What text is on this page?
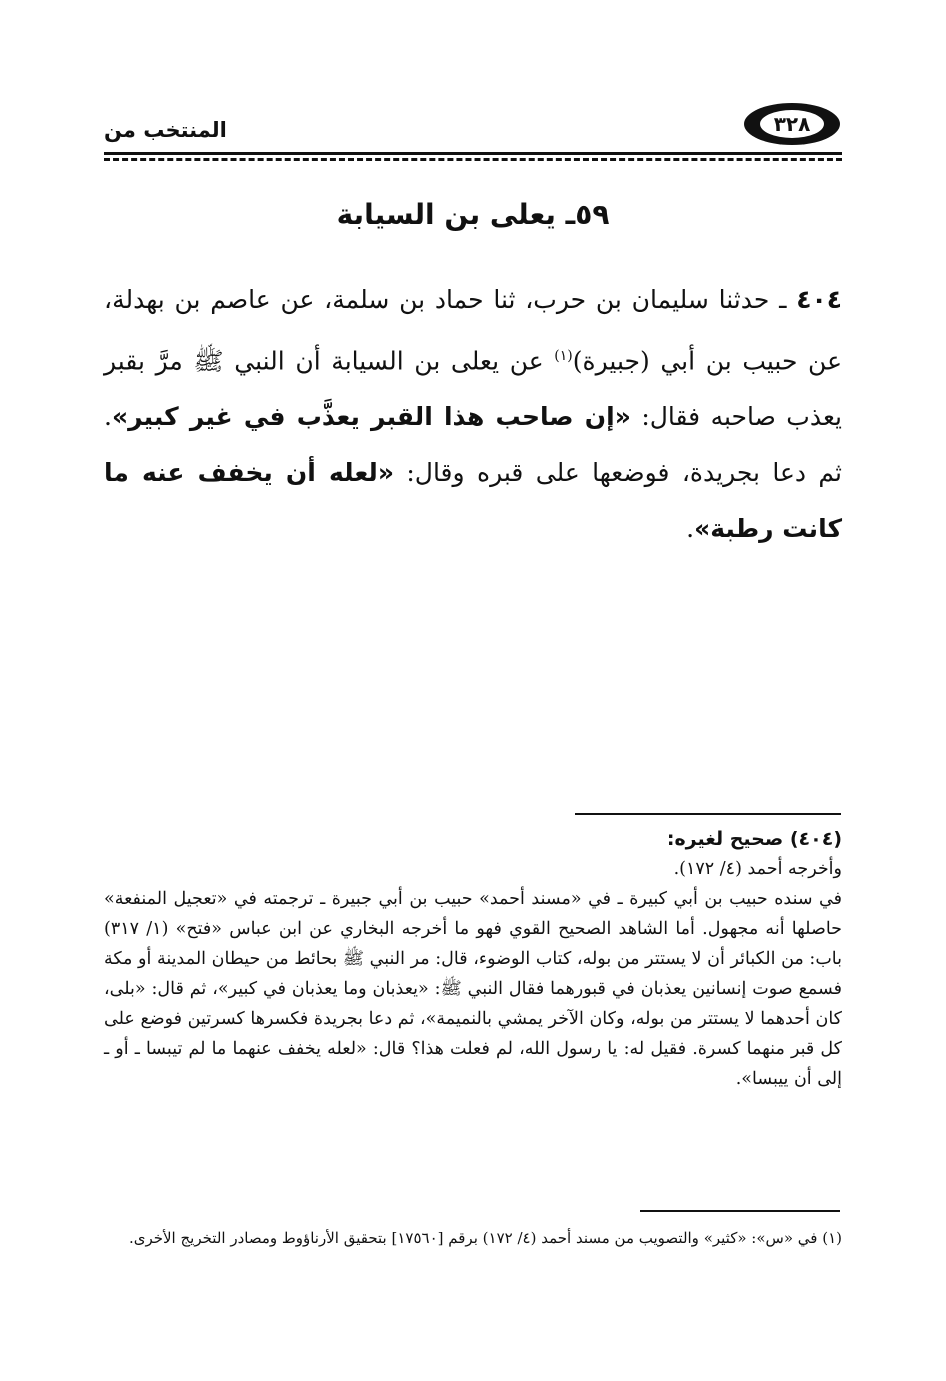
المنتخب من	٣٢٨
٥٩ـ يعلى بن السيابة
٤٠٤ ـ حدثنا سليمان بن حرب، ثنا حماد بن سلمة، عن عاصم بن بهدلة، عن حبيب بن أبي (جبيرة)$^{(١)}$ عن يعلى بن السيابة أن النبي ﷺ مرَّ بقبر يعذب صاحبه فقال: «إن صاحب هذا القبر يعذَّب في غير كبير». ثم دعا بجريدة، فوضعها على قبره وقال: «لعله أن يخفف عنه ما كانت رطبة».

(٤٠٤) صحيح لغيره:

وأخرجه أحمد (٤/ ١٧٢).

في سنده حبيب بن أبي كبيرة ـ في «مسند أحمد» حبيب بن أبي جبيرة ـ ترجمته في «تعجيل المنفعة» حاصلها أنه مجهول. أما الشاهد الصحيح القوي فهو ما أخرجه البخاري عن ابن عباس «فتح» (١/ ٣١٧) باب: من الكبائر أن لا يستتر من بوله، كتاب الوضوء، قال: مر النبي ﷺ بحائط من حيطان المدينة أو مكة فسمع صوت إنسانين يعذبان في قبورهما فقال النبي ﷺ: «يعذبان وما يعذبان في كبير»، ثم قال: «بلى، كان أحدهما لا يستتر من بوله، وكان الآخر يمشي بالنميمة»، ثم دعا بجريدة فكسرها كسرتين فوضع على كل قبر منهما كسرة. فقيل له: يا رسول الله، لم فعلت هذا؟ قال: «لعله يخفف عنهما ما لم تيبسا ـ أو ـ إلى أن ييبسا».

(١) في «س»: «كثير» والتصويب من مسند أحمد (٤/ ١٧٢) برقم [١٧٥٦٠] بتحقيق الأرناؤوط ومصادر التخريج الأخرى.
